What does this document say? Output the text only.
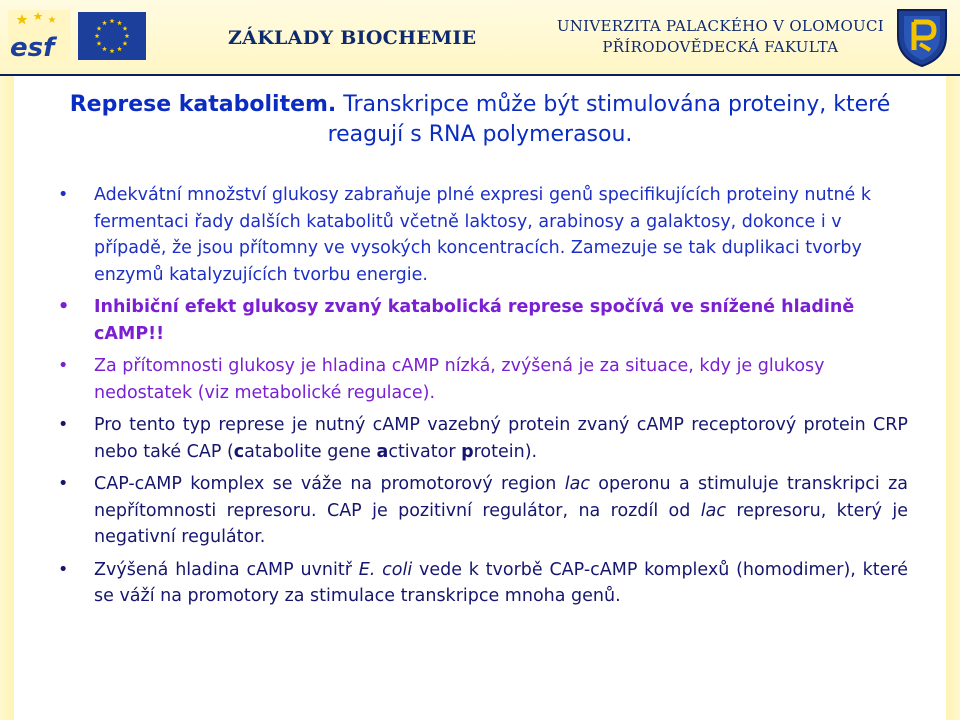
esf	ZÁKLADY BIOCHEMIE
UNIVERZITA PALACKÉHO V OLOMOUCI
PŘÍRODOVĚDECKÁ FAKULTA
Represe katabolitem. Transkripce může být stimulována proteiny, které reagují s RNA polymerasou.
• Adekvátní množství glukosy zabraňuje plné expresi genů specifikujících proteiny nutné k fermentaci řady dalších katabolitů včetně laktosy, arabinosy a galaktosy, dokonce i v případě, že jsou přítomny ve vysokých koncentracích. Zamezuje se tak duplikaci tvorby enzymů katalyzujících tvorbu energie.
• Inhibiční efekt glukosy zvaný katabolická represe spočívá ve snížené hladině cAMP!!
• Za přítomnosti glukosy je hladina cAMP nízká, zvýšená je za situace, kdy je glukosy nedostatek (viz metabolické regulace).
• Pro tento typ represe je nutný cAMP vazebný protein zvaný cAMP receptorový protein CRP nebo také CAP (catabolite gene activator protein).
• CAP-cAMP komplex se váže na promotorový region lac operonu a stimuluje transkripci za nepřítomnosti represoru. CAP je pozitivní regulátor, na rozdíl od lac represoru, který je negativní regulátor.
• Zvýšená hladina cAMP uvnitř E. coli vede k tvorbě CAP-cAMP komplexů (homodimer), které se váží na promotory za stimulace transkripce mnoha genů.
